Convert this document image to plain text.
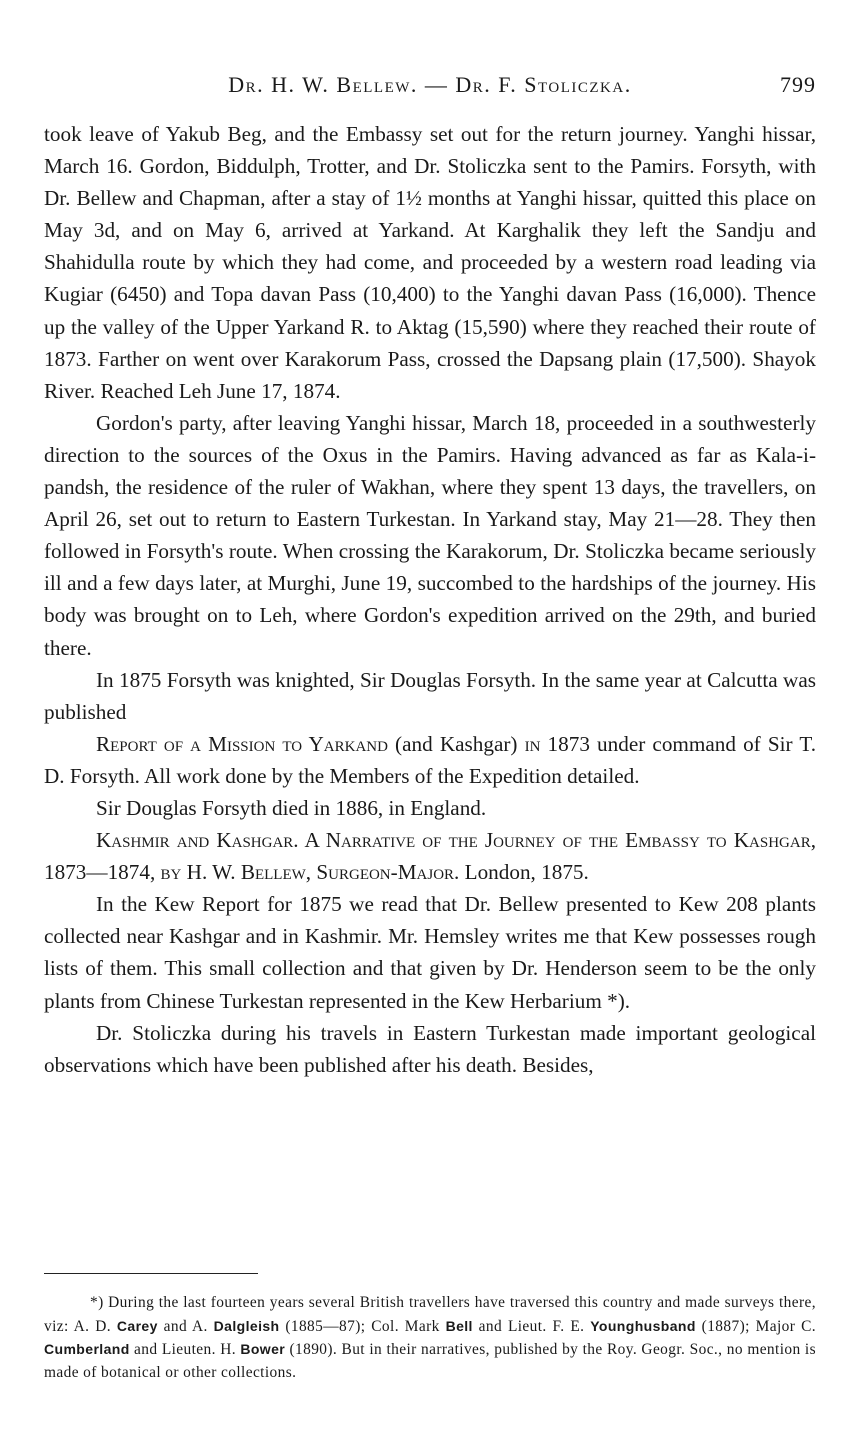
Dr. H. W. Bellew. — Dr. F. Stoliczka.	799

took leave of Yakub Beg, and the Embassy set out for the return journey. Yanghi hissar, March 16. Gordon, Biddulph, Trotter, and Dr. Stoliczka sent to the Pamirs. Forsyth, with Dr. Bellew and Chapman, after a stay of 1½ months at Yanghi hissar, quitted this place on May 3d, and on May 6, arrived at Yarkand. At Karghalik they left the Sandju and Shahidulla route by which they had come, and proceeded by a western road leading via Kugiar (6450) and Topa davan Pass (10,400) to the Yanghi davan Pass (16,000). Thence up the valley of the Upper Yarkand R. to Aktag (15,590) where they reached their route of 1873. Farther on went over Karakorum Pass, crossed the Dapsang plain (17,500). Shayok River. Reached Leh June 17, 1874.

Gordon's party, after leaving Yanghi hissar, March 18, proceeded in a southwesterly direction to the sources of the Oxus in the Pamirs. Having advanced as far as Kala-i-pandsh, the residence of the ruler of Wakhan, where they spent 13 days, the travellers, on April 26, set out to return to Eastern Turkestan. In Yarkand stay, May 21—28. They then followed in Forsyth's route. When crossing the Karakorum, Dr. Stoliczka became seriously ill and a few days later, at Murghi, June 19, succombed to the hardships of the journey. His body was brought on to Leh, where Gordon's expedition arrived on the 29th, and buried there.

In 1875 Forsyth was knighted, Sir Douglas Forsyth. In the same year at Calcutta was published

Report of a Mission to Yarkand (and Kashgar) in 1873 under command of Sir T. D. Forsyth. All work done by the Members of the Expedition detailed.

Sir Douglas Forsyth died in 1886, in England.

Kashmir and Kashgar. A Narrative of the Journey of the Embassy to Kashgar, 1873—1874, by H. W. Bellew, Surgeon-Major. London, 1875.

In the Kew Report for 1875 we read that Dr. Bellew presented to Kew 208 plants collected near Kashgar and in Kashmir. Mr. Hemsley writes me that Kew possesses rough lists of them. This small collection and that given by Dr. Henderson seem to be the only plants from Chinese Turkestan represented in the Kew Herbarium *).

Dr. Stoliczka during his travels in Eastern Turkestan made important geological observations which have been published after his death. Besides,

*) During the last fourteen years several British travellers have traversed this country and made surveys there, viz: A. D. Carey and A. Dalgleish (1885—87); Col. Mark Bell and Lieut. F. E. Younghusband (1887); Major C. Cumberland and Lieuten. H. Bower (1890). But in their narratives, published by the Roy. Geogr. Soc., no mention is made of botanical or other collections.
